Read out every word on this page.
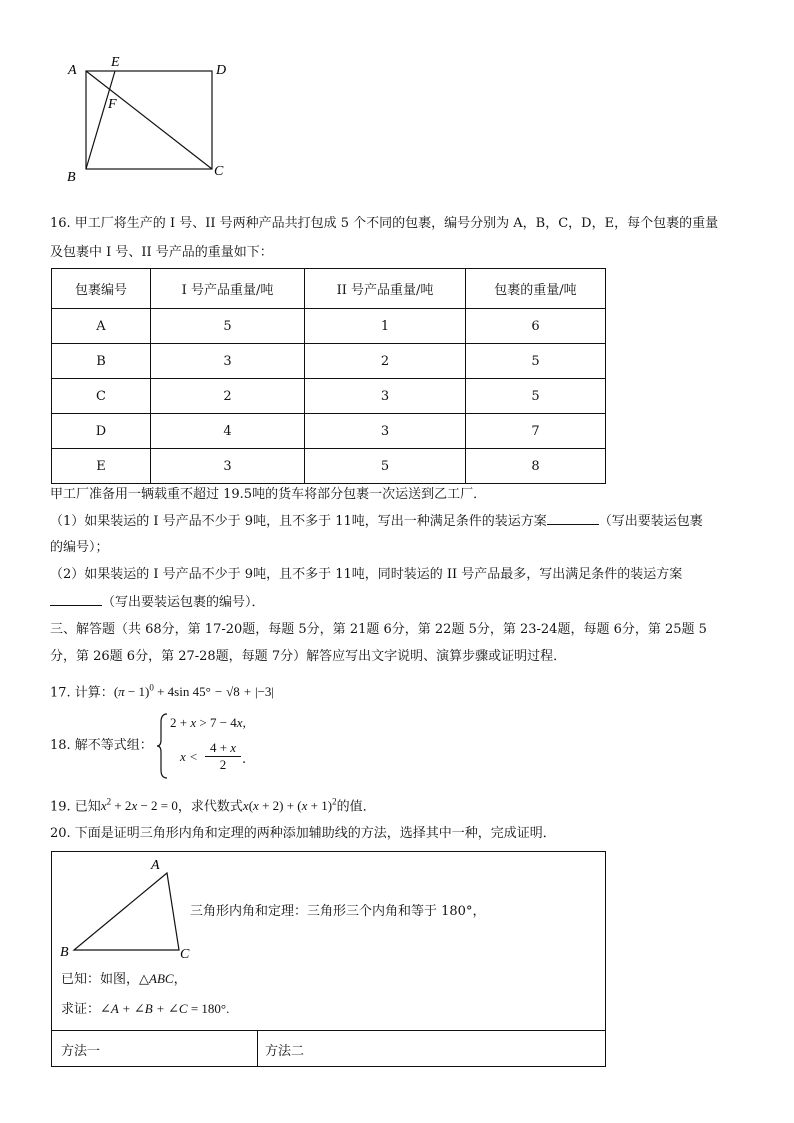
A
E
D
F
B	C
16. 甲工厂将生产的 I 号、II 号两种产品共打包成 5 个不同的包裹，编号分别为 A，B，C，D，E，每个包裹的重量
及包裹中 I 号、II 号产品的重量如下：
包裹编号	I 号产品重量/吨	II 号产品重量/吨	包裹的重量/吨
A	5	1	6
B	3	2	5
C	2	3	5
D	4	3	7
E	3	5	8
甲工厂准备用一辆载重不超过 19.5吨的货车将部分包裹一次运送到乙工厂．
（1）如果装运的 I 号产品不少于 9吨，且不多于 11吨，写出一种满足条件的装运方案	（写出要装运包裹
的编号）；
（2）如果装运的 I 号产品不少于 9吨，且不多于 11吨，同时装运的 II 号产品最多，写出满足条件的装运方案
（写出要装运包裹的编号）．
三、解答题（共 68分，第 17-20题，每题 5分，第 21题 6分，第 22题 5分，第 23-24题，每题 6分，第 25题 5
分，第 26题 6分，第 27-28题，每题 7分）解答应写出文字说明、演算步骤或证明过程．
17. 计算：$(\pi - 1)^0 + 4\sin$ 45° − √8 + |−3|
18. 解不等式组：
2 + x > 7 − 4x,
x <
4 + x
2	.
19. 已知$x^2 + 2x - 2 = 0$，求代数式$x(x + 2) + (x + 1)^2$的值．
20. 下面是证明三角形内角和定理的两种添加辅助线的方法，选择其中一种，完成证明．
A
B	C
三角形内角和定理：三角形三个内角和等于 180°，
已知：如图，△ABC，
求证：∠A + ∠B + ∠C = 180°.
方法一	方法二
